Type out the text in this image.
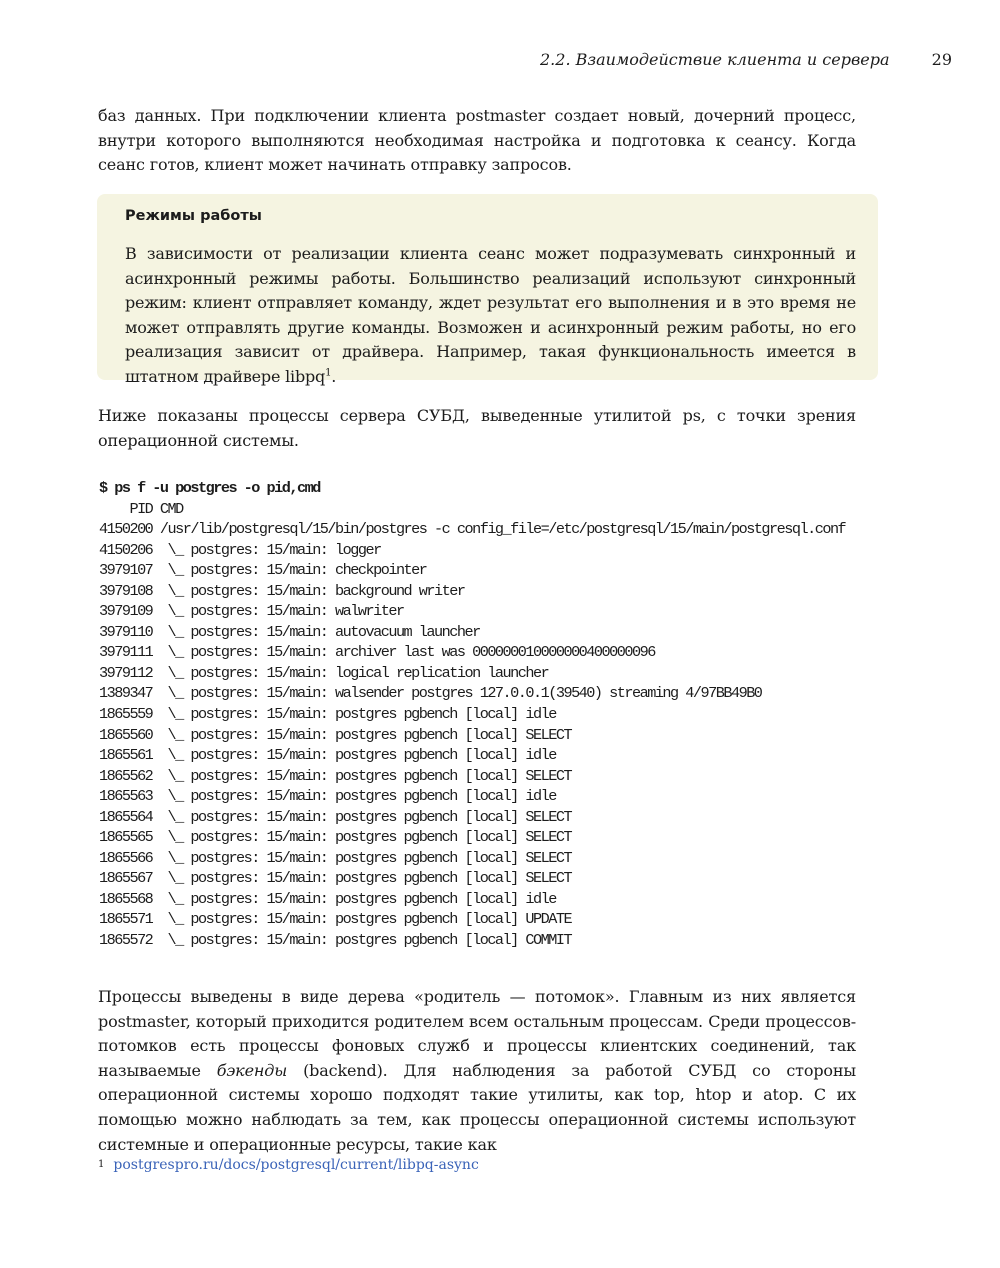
2.2. Взаимодействие клиента и сервера	29

баз данных. При подключении клиента postmaster создает новый, дочерний процесс, внутри которого выполняются необходимая настройка и подготовка к сеансу. Когда сеанс готов, клиент может начинать отправку запросов.

Режимы работы

В зависимости от реализации клиента сеанс может подразумевать синхронный и асинхронный режимы работы. Большинство реализаций используют синхронный режим: клиент отправляет команду, ждет результат его выполнения и в это время не может отправлять другие команды. Возможен и асинхронный режим работы, но его реализация зависит от драйвера. Например, такая функциональность имеется в штатном драйвере libpq$^1$.

Ниже показаны процессы сервера СУБД, выведенные утилитой ps, с точки зрения операционной системы.

$ ps f -u postgres -o pid,cmd
PID CMD
4150200 /usr/lib/postgresql/15/bin/postgres -c config_file=/etc/postgresql/15/main/postgresql.conf
4150206  \_ postgres: 15/main: logger
3979107  \_ postgres: 15/main: checkpointer
3979108  \_ postgres: 15/main: background writer
3979109  \_ postgres: 15/main: walwriter
3979110  \_ postgres: 15/main: autovacuum launcher
3979111  \_ postgres: 15/main: archiver last was 000000010000000400000096
3979112  \_ postgres: 15/main: logical replication launcher
1389347  \_ postgres: 15/main: walsender postgres 127.0.0.1(39540) streaming 4/97BB49B0
1865559  \_ postgres: 15/main: postgres pgbench [local] idle
1865560  \_ postgres: 15/main: postgres pgbench [local] SELECT
1865561  \_ postgres: 15/main: postgres pgbench [local] idle
1865562  \_ postgres: 15/main: postgres pgbench [local] SELECT
1865563  \_ postgres: 15/main: postgres pgbench [local] idle
1865564  \_ postgres: 15/main: postgres pgbench [local] SELECT
1865565  \_ postgres: 15/main: postgres pgbench [local] SELECT
1865566  \_ postgres: 15/main: postgres pgbench [local] SELECT
1865567  \_ postgres: 15/main: postgres pgbench [local] SELECT
1865568  \_ postgres: 15/main: postgres pgbench [local] idle
1865571  \_ postgres: 15/main: postgres pgbench [local] UPDATE
1865572  \_ postgres: 15/main: postgres pgbench [local] COMMIT

Процессы выведены в виде дерева «родитель — потомок». Главным из них является postmaster, который приходится родителем всем остальным процессам. Среди процессов-потомков есть процессы фоновых служб и процессы клиентских соединений, так называемые бэкенды (backend). Для наблюдения за работой СУБД со стороны операционной системы хорошо подходят такие утилиты, как top, htop и atop. С их помощью можно наблюдать за тем, как процессы операционной системы используют системные и операционные ресурсы, такие как

$^1$ postgrespro.ru/docs/postgresql/current/libpq-async
